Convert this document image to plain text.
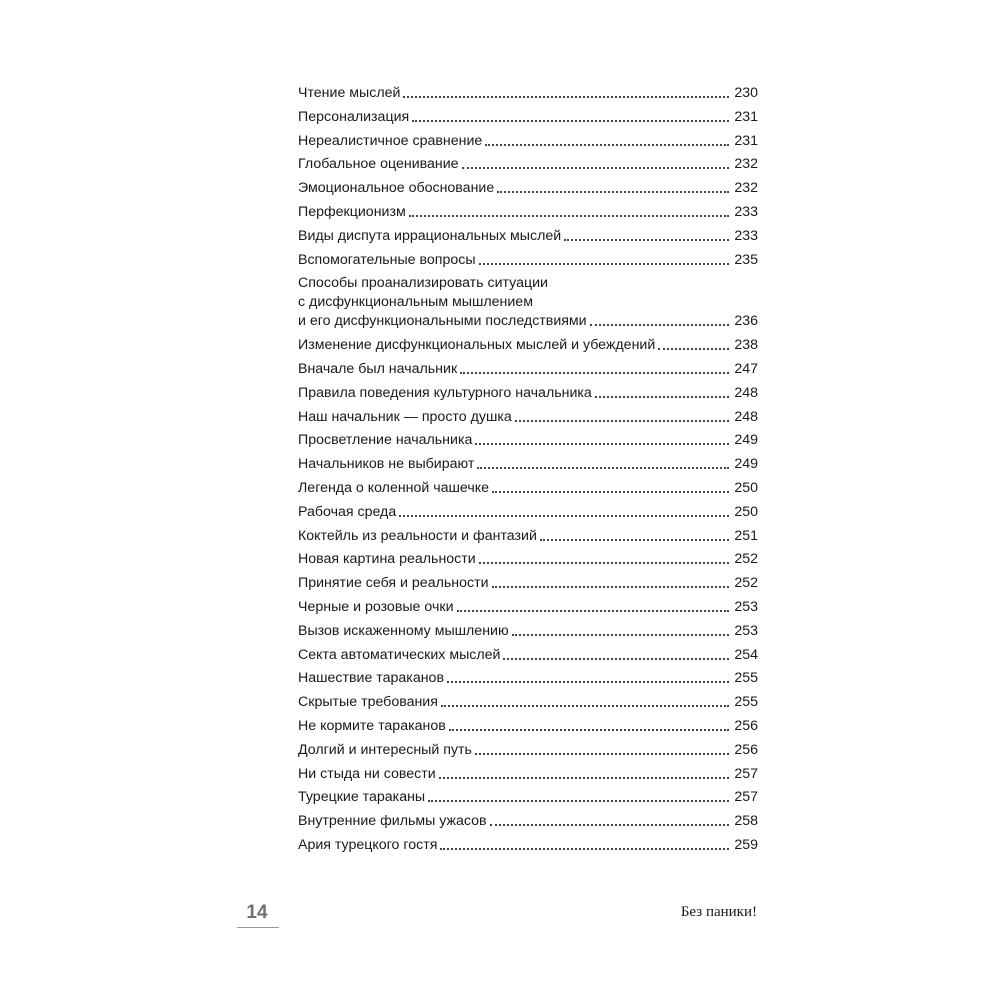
Чтение мыслей	230
Персонализация	231
Нереалистичное сравнение	231
Глобальное оценивание	232
Эмоциональное обоснование	232
Перфекционизм	233
Виды диспута иррациональных мыслей	233
Вспомогательные вопросы	235
Способы проанализировать ситуации
с дисфункциональным мышлением
и его дисфункциональными последствиями	236
Изменение дисфункциональных мыслей и убеждений	238
Вначале был начальник	247
Правила поведения культурного начальника	248
Наш начальник — просто душка	248
Просветление начальника	249
Начальников не выбирают	249
Легенда о коленной чашечке	250
Рабочая среда	250
Коктейль из реальности и фантазий	251
Новая картина реальности	252
Принятие себя и реальности	252
Черные и розовые очки	253
Вызов искаженному мышлению	253
Секта автоматических мыслей	254
Нашествие тараканов	255
Скрытые требования	255
Не кормите тараканов	256
Долгий и интересный путь	256
Ни стыда ни совести	257
Турецкие тараканы	257
Внутренние фильмы ужасов	258
Ария турецкого гостя	259
14	Без паники!
